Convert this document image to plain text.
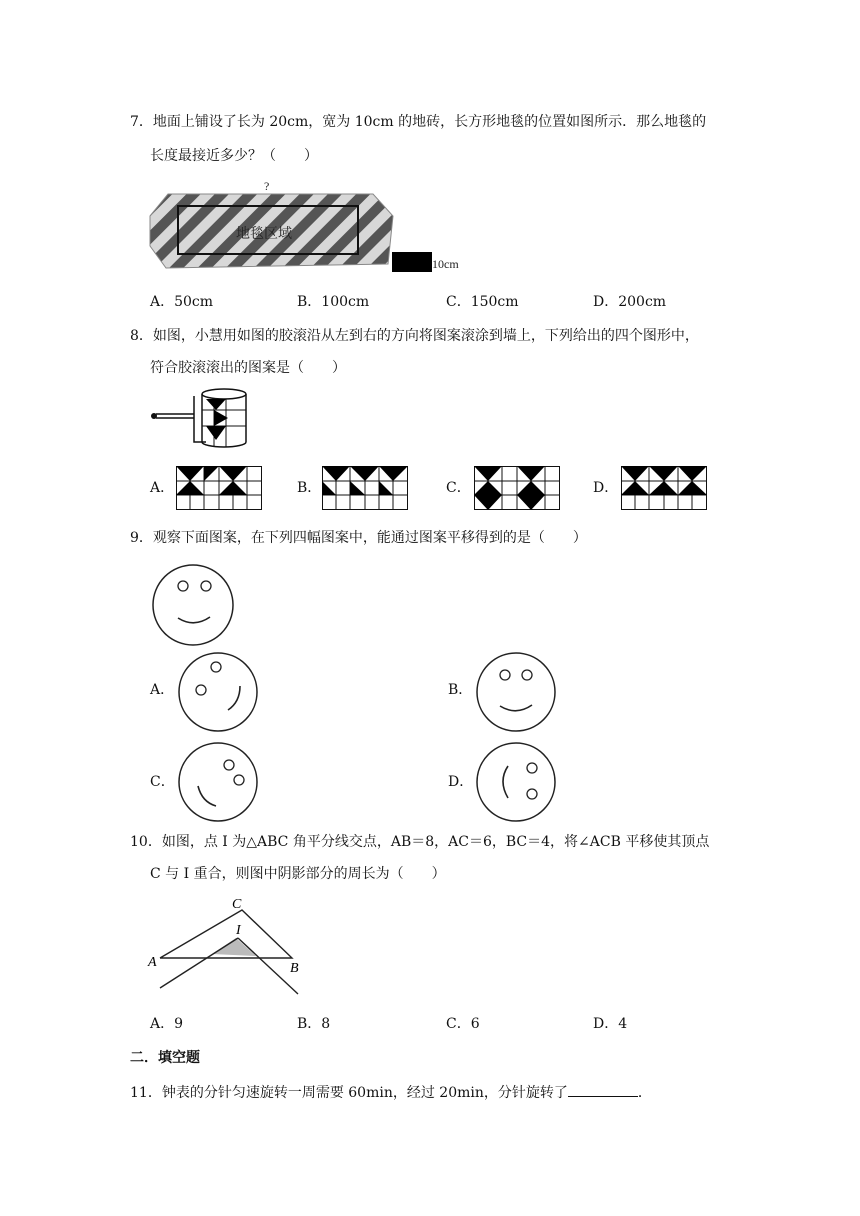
7．地面上铺设了长为 20cm，宽为 10cm 的地砖，长方形地毯的位置如图所示．那么地毯的
长度最接近多少？（　　）
?
地毯区域
10cm
A．50cm	B．100cm	C．150cm	D．200cm
8．如图，小慧用如图的胶滚沿从左到右的方向将图案滚涂到墙上，下列给出的四个图形中，
符合胶滚滚出的图案是（　　）
A．	B．	C．	D．
9．观察下面图案，在下列四幅图案中，能通过图案平移得到的是（　　）
A．	B．
C．	D．
10．如图，点 I 为△ABC 角平分线交点，AB＝8，AC＝6，BC＝4，将∠ACB 平移使其顶点
C 与 I 重合，则图中阴影部分的周长为（　　）
C
I
A	B
A．9	B．8	C．6	D．4
二．填空题
11．钟表的分针匀速旋转一周需要 60min，经过 20min，分针旋转了	．
